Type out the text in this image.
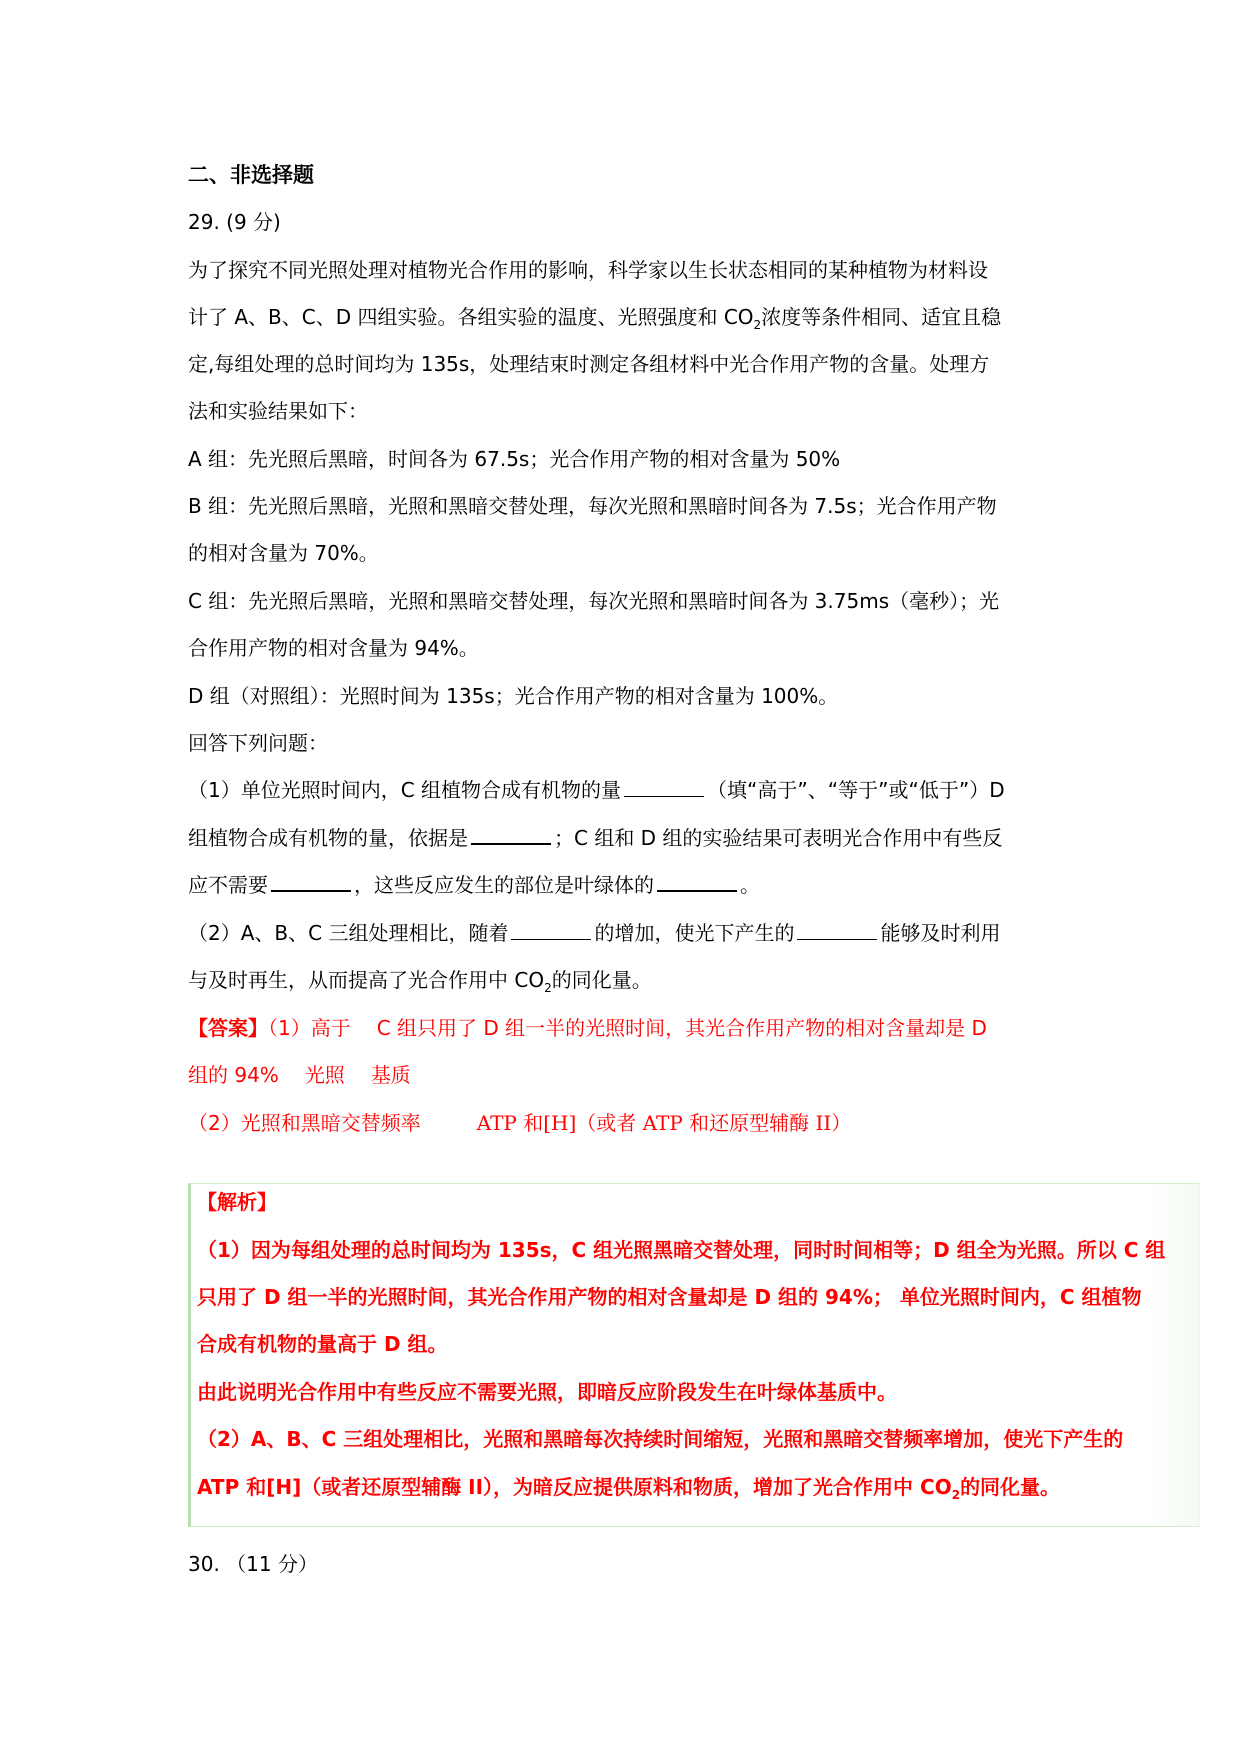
二、非选择题
29. (9 分)
为了探究不同光照处理对植物光合作用的影响，科学家以生长状态相同的某种植物为材料设
计了 A、B、C、D 四组实验。各组实验的温度、光照强度和 $CO_2$浓度等条件相同、适宜且稳
定,每组处理的总时间均为 135s，处理结束时测定各组材料中光合作用产物的含量。处理方
法和实验结果如下：
A 组：先光照后黑暗，时间各为 67.5s；光合作用产物的相对含量为 50%
B 组：先光照后黑暗，光照和黑暗交替处理，每次光照和黑暗时间各为 7.5s；光合作用产物
的相对含量为 70%。
C 组：先光照后黑暗，光照和黑暗交替处理，每次光照和黑暗时间各为 3.75ms（毫秒）；光
合作用产物的相对含量为 94%。
D 组（对照组）：光照时间为 135s；光合作用产物的相对含量为 100%。
回答下列问题：
（1）单位光照时间内，C 组植物合成有机物的量	（填“高于”、“等于”或“低于”）D
组植物合成有机物的量，依据是	；C 组和 D 组的实验结果可表明光合作用中有些反
应不需要	，这些反应发生的部位是叶绿体的	。
（2）A、B、C 三组处理相比，随着	的增加，使光下产生的	能够及时利用
与及时再生，从而提高了光合作用中 $CO_2$的同化量。
【答案】（1）高于 C 组只用了 D 组一半的光照时间，其光合作用产物的相对含量却是 D
组的 94% 光照 基质
（2）光照和黑暗交替频率	ATP 和[H]（或者 ATP 和还原型辅酶 II）
【解析】
（1）因为每组处理的总时间均为 135s，C 组光照黑暗交替处理，同时时间相等；D 组全为光照。所以 C 组
只用了 D 组一半的光照时间，其光合作用产物的相对含量却是 D 组的 94%； 单位光照时间内，C 组植物
合成有机物的量高于 D 组。
由此说明光合作用中有些反应不需要光照，即暗反应阶段发生在叶绿体基质中。
（2）A、B、C 三组处理相比，光照和黑暗每次持续时间缩短，光照和黑暗交替频率增加，使光下产生的
ATP 和[H]（或者还原型辅酶 II），为暗反应提供原料和物质，增加了光合作用中 $CO_2$的同化量。
30. （11 分）
